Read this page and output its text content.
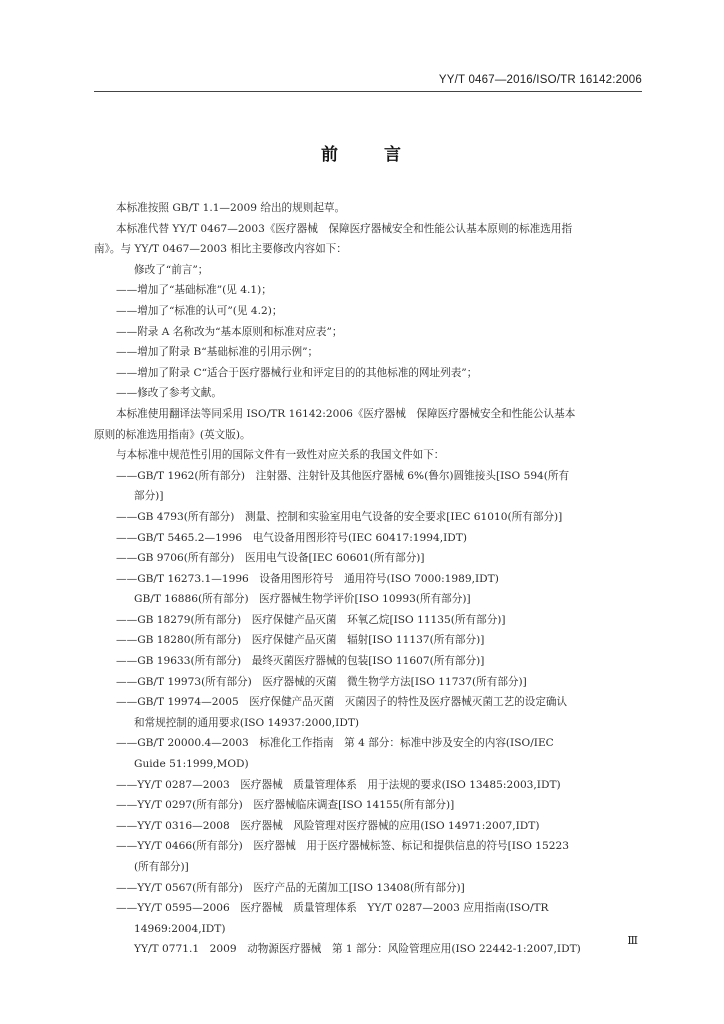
YY/T 0467—2016/ISO/TR 16142:2006
前	言
本标准按照 GB/T 1.1—2009 给出的规则起草。
本标准代替 YY/T 0467—2003《医疗器械　保障医疗器械安全和性能公认基本原则的标准选用指
南》。与 YY/T 0467—2003 相比主要修改内容如下：
修改了“前言”；
——增加了“基础标准”(见 4.1)；
——增加了“标准的认可”(见 4.2)；
——附录 A 名称改为“基本原则和标准对应表”；
——增加了附录 B“基础标准的引用示例”；
——增加了附录 C“适合于医疗器械行业和评定目的的其他标准的网址列表”；
——修改了参考文献。
本标准使用翻译法等同采用 ISO/TR 16142:2006《医疗器械　保障医疗器械安全和性能公认基本
原则的标准选用指南》(英文版)。
与本标准中规范性引用的国际文件有一致性对应关系的我国文件如下：
——GB/T 1962(所有部分)　注射器、注射针及其他医疗器械 6%(鲁尔)圆锥接头[ISO 594(所有
部分)]
——GB 4793(所有部分)　测量、控制和实验室用电气设备的安全要求[IEC 61010(所有部分)]
——GB/T 5465.2—1996　电气设备用图形符号(IEC 60417:1994,IDT)
——GB 9706(所有部分)　医用电气设备[IEC 60601(所有部分)]
——GB/T 16273.1—1996　设备用图形符号　通用符号(ISO 7000:1989,IDT)
GB/T 16886(所有部分)　医疗器械生物学评价[ISO 10993(所有部分)]
——GB 18279(所有部分)　医疗保健产品灭菌　环氧乙烷[ISO 11135(所有部分)]
——GB 18280(所有部分)　医疗保健产品灭菌　辐射[ISO 11137(所有部分)]
——GB 19633(所有部分)　最终灭菌医疗器械的包装[ISO 11607(所有部分)]
——GB/T 19973(所有部分)　医疗器械的灭菌　微生物学方法[ISO 11737(所有部分)]
——GB/T 19974—2005　医疗保健产品灭菌　灭菌因子的特性及医疗器械灭菌工艺的设定确认
和常规控制的通用要求(ISO 14937:2000,IDT)
——GB/T 20000.4—2003　标准化工作指南　第 4 部分：标准中涉及安全的内容(ISO/IEC
Guide 51:1999,MOD)
——YY/T 0287—2003　医疗器械　质量管理体系　用于法规的要求(ISO 13485:2003,IDT)
——YY/T 0297(所有部分)　医疗器械临床调查[ISO 14155(所有部分)]
——YY/T 0316—2008　医疗器械　风险管理对医疗器械的应用(ISO 14971:2007,IDT)
——YY/T 0466(所有部分)　医疗器械　用于医疗器械标签、标记和提供信息的符号[ISO 15223
(所有部分)]
——YY/T 0567(所有部分)　医疗产品的无菌加工[ISO 13408(所有部分)]
——YY/T 0595—2006　医疗器械　质量管理体系　YY/T 0287—2003 应用指南(ISO/TR
14969:2004,IDT)
YY/T 0771.1　2009　动物源医疗器械　第 1 部分：风险管理应用(ISO 22442-1:2007,IDT)
Ⅲ
